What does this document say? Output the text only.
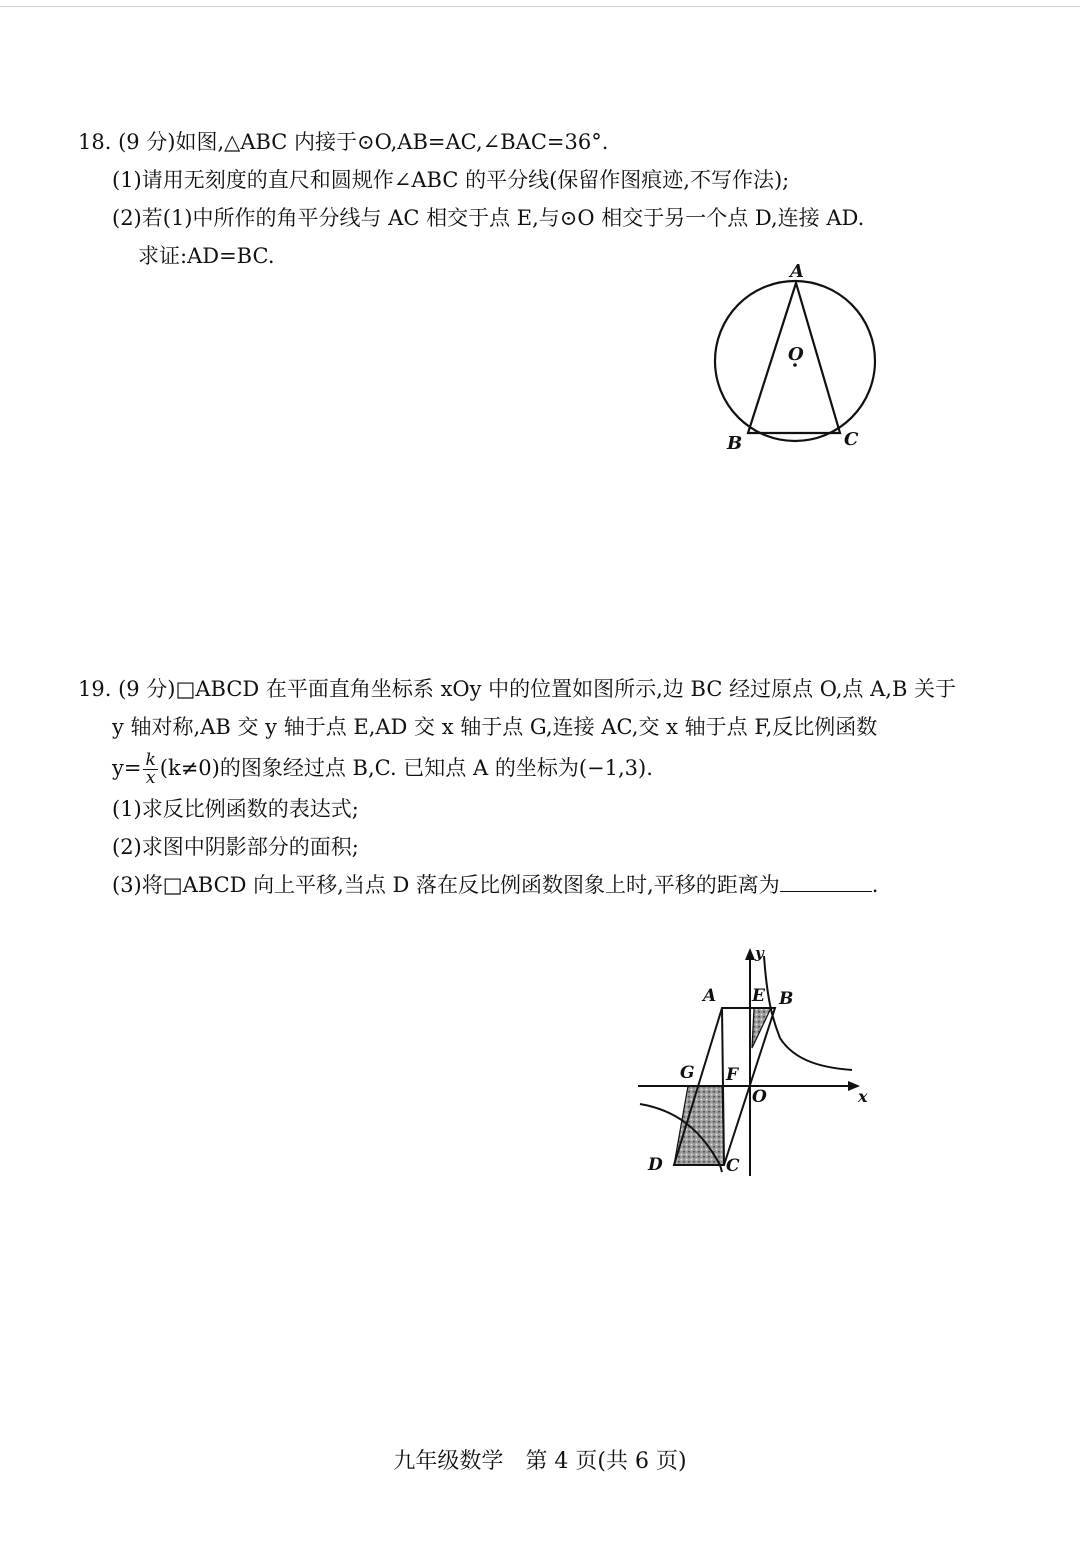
18. (9 分)如图,△ABC 内接于⊙O,AB=AC,∠BAC=36°.
(1)请用无刻度的直尺和圆规作∠ABC 的平分线(保留作图痕迹,不写作法);
(2)若(1)中所作的角平分线与 AC 相交于点 E,与⊙O 相交于另一个点 D,连接 AD.
求证:AD=BC.
A
O
B	C
19. (9 分)□ABCD 在平面直角坐标系 xOy 中的位置如图所示,边 BC 经过原点 O,点 A,B 关于
y 轴对称,AB 交 y 轴于点 E,AD 交 x 轴于点 G,连接 AC,交 x 轴于点 F,反比例函数
$y= \frac{k}{x} (k\ne 0)$的图象经过点 B,C. 已知点 A 的坐标为(−1,3).
(1)求反比例函数的表达式;
(2)求图中阴影部分的面积;
(3)将□ABCD 向上平移,当点 D 落在反比例函数图象上时,平移的距离为	.
y
x
A E B
G F
O
D	C
九年级数学　第 4 页(共 6 页)
